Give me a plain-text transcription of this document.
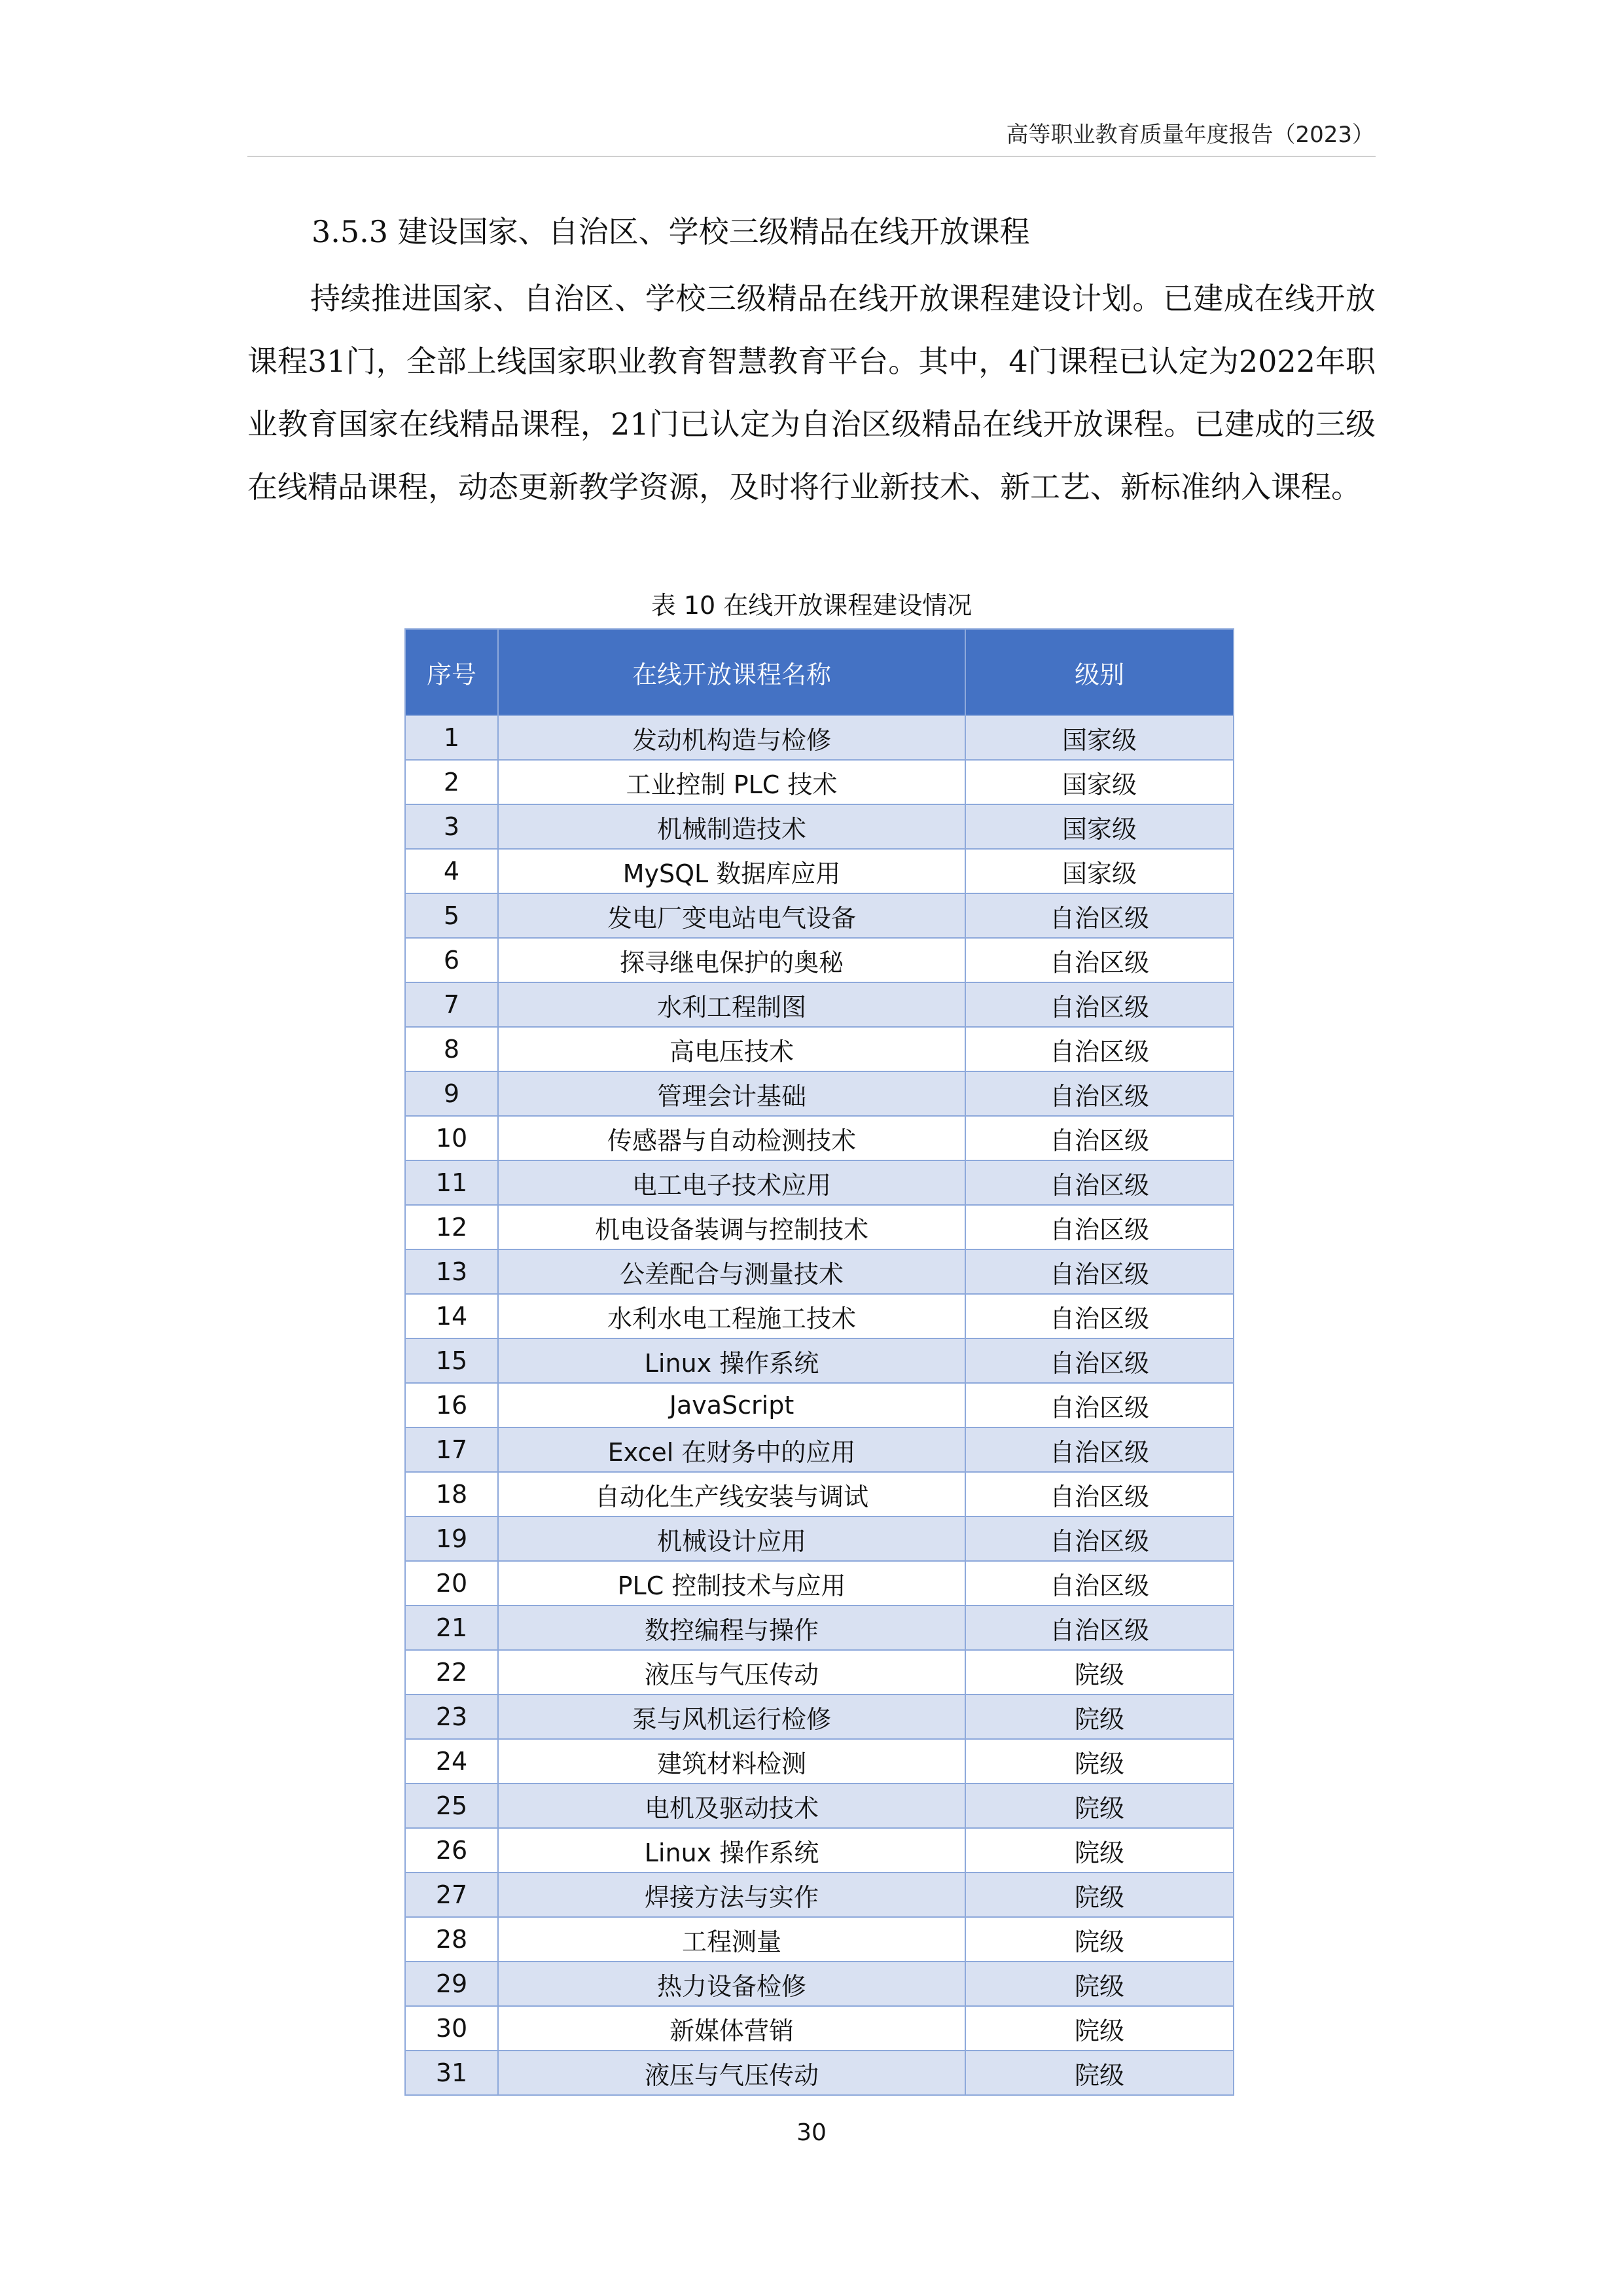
高等职业教育质量年度报告（2023）
3.5.3 建设国家、自治区、学校三级精品在线开放课程

持续推进国家、自治区、学校三级精品在线开放课程建设计划。已建成在线开放课程31门，全部上线国家职业教育智慧教育平台。其中，4门课程已认定为2022年职业教育国家在线精品课程，21门已认定为自治区级精品在线开放课程。已建成的三级在线精品课程，动态更新教学资源，及时将行业新技术、新工艺、新标准纳入课程。

表 10 在线开放课程建设情况
序号	在线开放课程名称	级别
1	发动机构造与检修	国家级
2	工业控制 PLC 技术	国家级
3	机械制造技术	国家级
4	MySQL 数据库应用	国家级
5	发电厂变电站电气设备	自治区级
6	探寻继电保护的奥秘	自治区级
7	水利工程制图	自治区级
8	高电压技术	自治区级
9	管理会计基础	自治区级
10	传感器与自动检测技术	自治区级
11	电工电子技术应用	自治区级
12	机电设备装调与控制技术	自治区级
13	公差配合与测量技术	自治区级
14	水利水电工程施工技术	自治区级
15	Linux 操作系统	自治区级
16	JavaScript	自治区级
17	Excel 在财务中的应用	自治区级
18	自动化生产线安装与调试	自治区级
19	机械设计应用	自治区级
20	PLC 控制技术与应用	自治区级
21	数控编程与操作	自治区级
22	液压与气压传动	院级
23	泵与风机运行检修	院级
24	建筑材料检测	院级
25	电机及驱动技术	院级
26	Linux 操作系统	院级
27	焊接方法与实作	院级
28	工程测量	院级
29	热力设备检修	院级
30	新媒体营销	院级
31	液压与气压传动	院级
30
